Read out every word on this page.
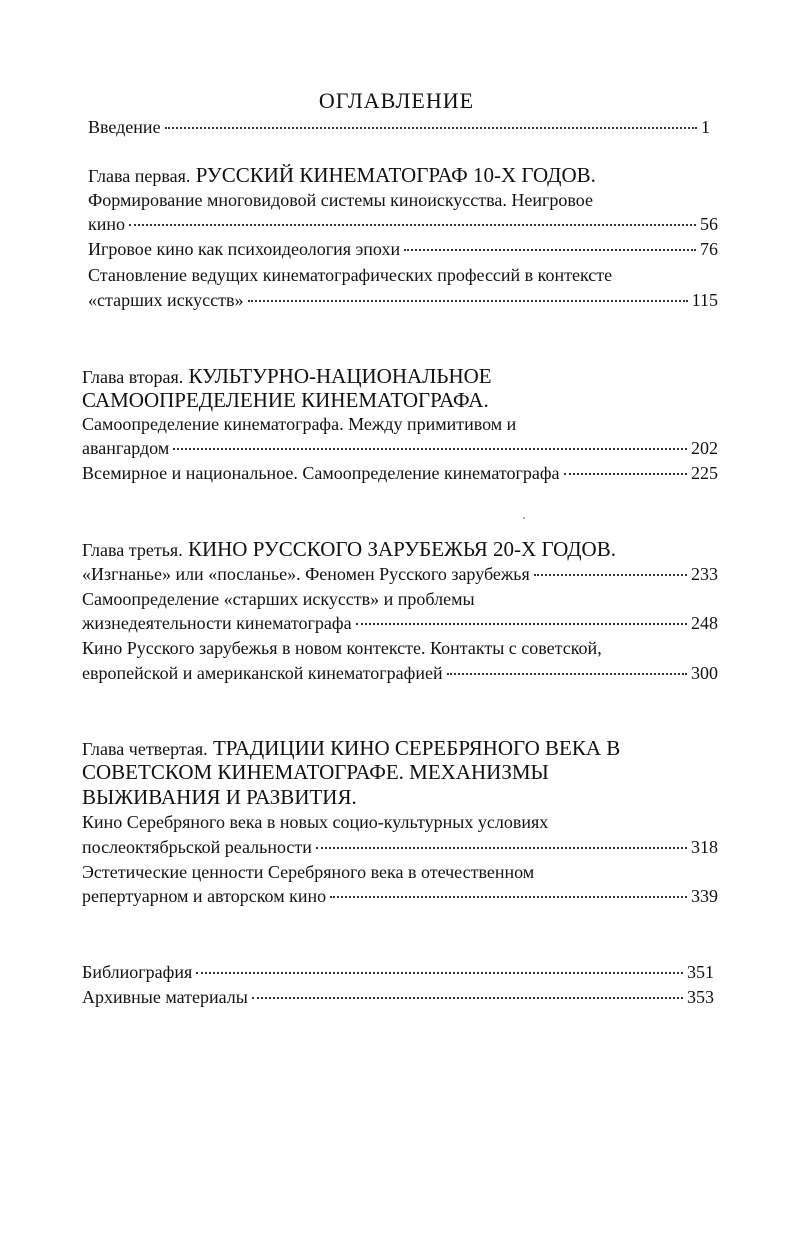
ОГЛАВЛЕНИЕ
Введение	1
Глава первая. РУССКИЙ КИНЕМАТОГРАФ 10-Х ГОДОВ.
Формирование многовидовой системы киноискусства. Неигровое
кино	56
Игровое кино как психоидеология эпохи	76
Становление ведущих кинематографических профессий в контексте
«старших искусств»	115
Глава вторая. КУЛЬТУРНО-НАЦИОНАЛЬНОЕ
САМООПРЕДЕЛЕНИЕ КИНЕМАТОГРАФА.
Самоопределение кинематографа. Между примитивом и
авангардом	202
Всемирное и национальное. Самоопределение кинематографа	225
Глава третья. КИНО РУССКОГО ЗАРУБЕЖЬЯ 20-Х ГОДОВ.
«Изгнанье» или «посланье». Феномен Русского зарубежья	233
Самоопределение «старших искусств» и проблемы
жизнедеятельности кинематографа	248
Кино Русского зарубежья в новом контексте. Контакты с советской,
европейской и американской кинематографией	300
Глава четвертая. ТРАДИЦИИ КИНО СЕРЕБРЯНОГО ВЕКА В
СОВЕТСКОМ КИНЕМАТОГРАФЕ. МЕХАНИЗМЫ
ВЫЖИВАНИЯ И РАЗВИТИЯ.
Кино Серебряного века в новых социо-культурных условиях
послеоктябрьской реальности	318
Эстетические ценности Серебряного века в отечественном
репертуарном и авторском кино	339
Библиография	351
Архивные материалы	353
